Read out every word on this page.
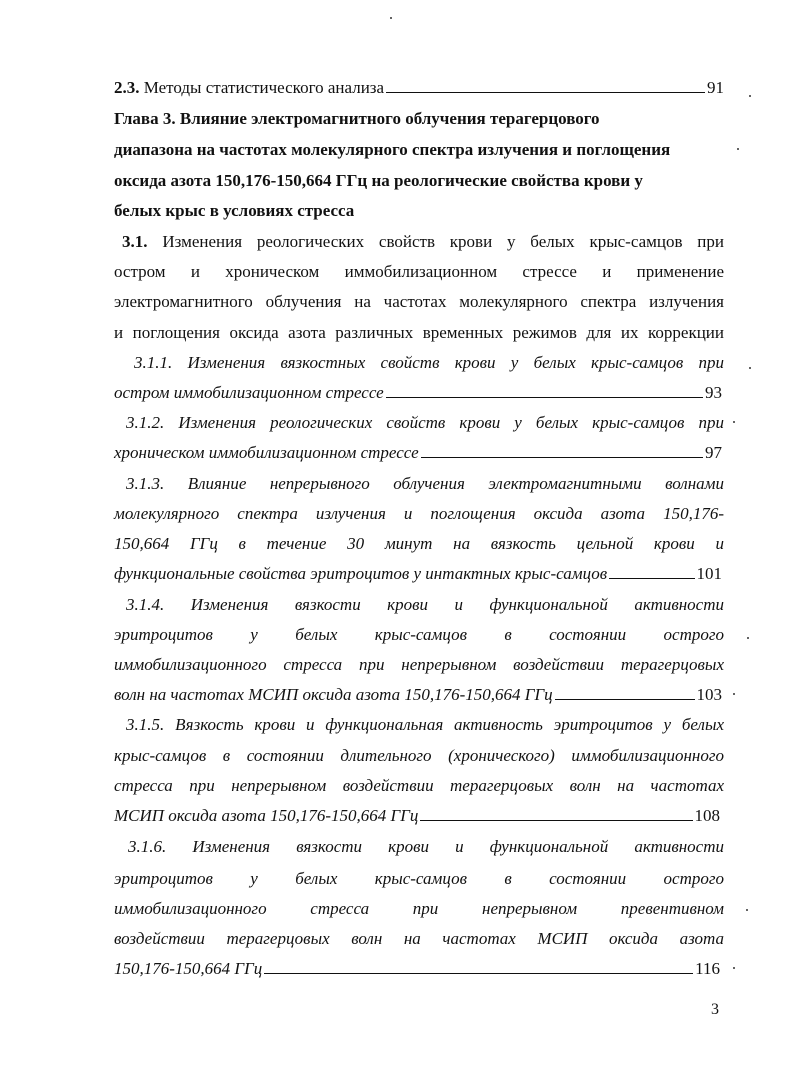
2.3. Методы статистического анализа	91
Глава 3. Влияние электромагнитного облучения терагерцового
диапазона на частотах молекулярного спектра излучения и поглощения
оксида азота 150,176-150,664 ГГц на реологические свойства крови у
белых крыс в условиях стресса
3.1. Изменения реологических свойств крови у белых крыс-самцов при
остром и хроническом иммобилизационном стрессе и применение
электромагнитного облучения на частотах молекулярного спектра излучения
и поглощения оксида азота различных временных режимов для их коррекции
3.1.1. Изменения вязкостных свойств крови у белых крыс-самцов при
остром иммобилизационном стрессе	93
3.1.2. Изменения реологических свойств крови у белых крыс-самцов при
хроническом иммобилизационном стрессе	97
3.1.3. Влияние непрерывного облучения электромагнитными волнами
молекулярного спектра излучения и поглощения оксида азота 150,176-
150,664 ГГц в течение 30 минут на вязкость цельной крови и
функциональные свойства эритроцитов у интактных крыс-самцов	101
3.1.4. Изменения вязкости крови и функциональной активности
эритроцитов у белых крыс-самцов в состоянии острого
иммобилизационного стресса при непрерывном воздействии терагерцовых
волн на частотах МСИП оксида азота 150,176-150,664 ГГц	103
3.1.5. Вязкость крови и функциональная активность эритроцитов у белых
крыс-самцов в состоянии длительного (хронического) иммобилизационного
стресса при непрерывном воздействии терагерцовых волн на частотах
МСИП оксида азота 150,176-150,664 ГГц	108
3.1.6. Изменения вязкости крови и функциональной активности
эритроцитов у белых крыс-самцов в состоянии острого
иммобилизационного стресса при непрерывном превентивном
воздействии терагерцовых волн на частотах МСИП оксида азота
150,176-150,664 ГГц	116
3
